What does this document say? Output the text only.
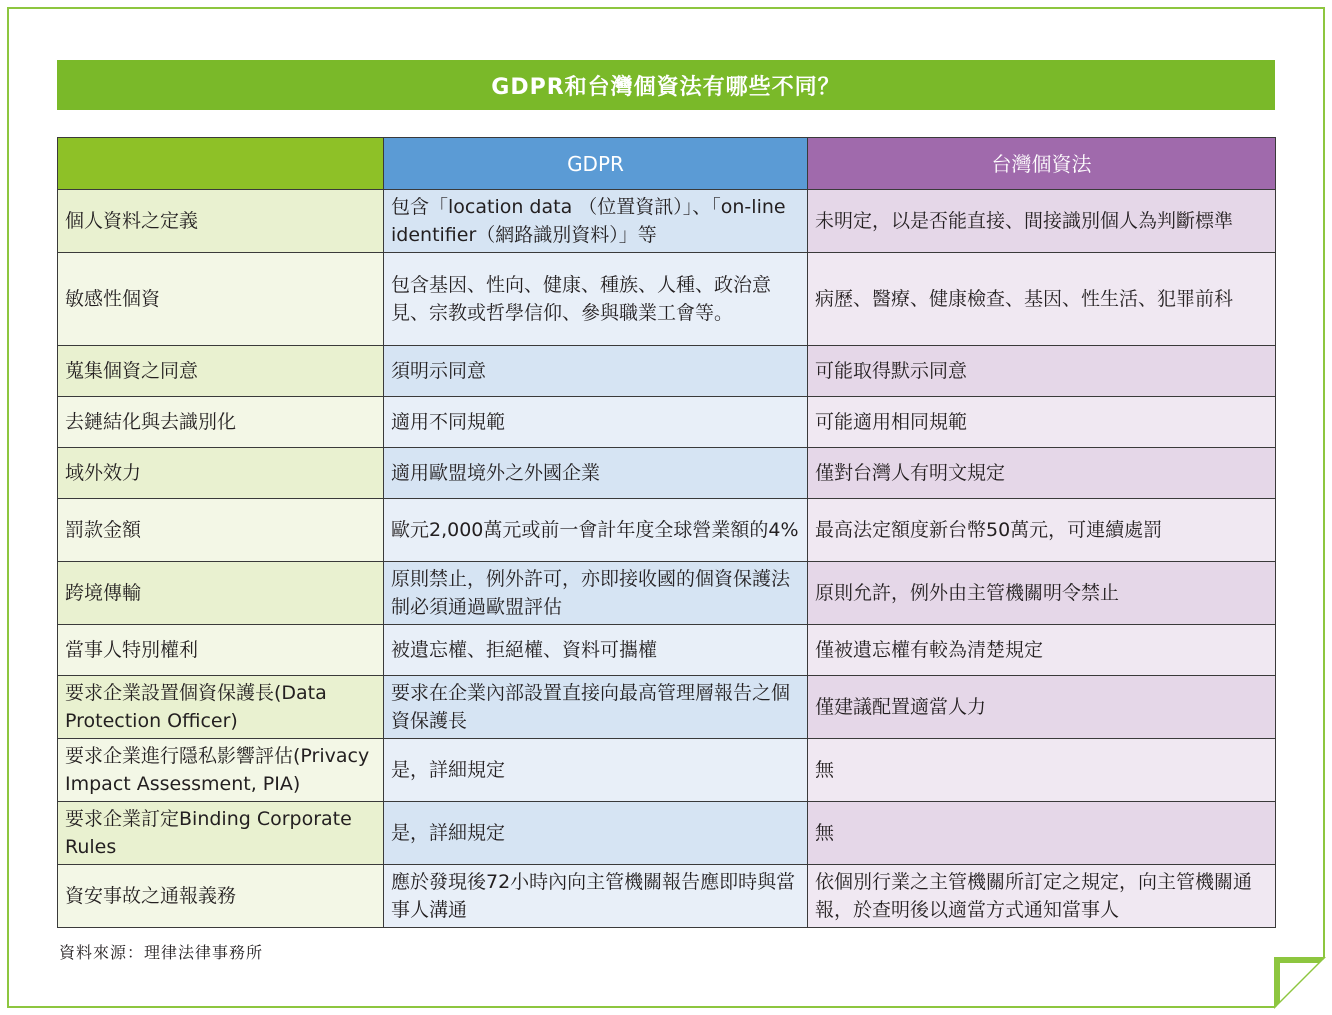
GDPR和台灣個資法有哪些不同？
	GDPR	台灣個資法
個人資料之定義	包含「location data （位置資訊）」、「on-line identifier（網路識別資料）」等	未明定，以是否能直接、間接識別個人為判斷標準
敏感性個資	包含基因、性向、健康、種族、人種、政治意見、宗教或哲學信仰、參與職業工會等。	病歷、醫療、健康檢查、基因、性生活、犯罪前科
蒐集個資之同意	須明示同意	可能取得默示同意
去鏈結化與去識別化	適用不同規範	可能適用相同規範
域外效力	適用歐盟境外之外國企業	僅對台灣人有明文規定
罰款金額	歐元2,000萬元或前一會計年度全球營業額的4%	最高法定額度新台幣50萬元，可連續處罰
跨境傳輸	原則禁止，例外許可，亦即接收國的個資保護法制必須通過歐盟評估	原則允許，例外由主管機關明令禁止
當事人特別權利	被遺忘權、拒絕權、資料可攜權	僅被遺忘權有較為清楚規定
要求企業設置個資保護長(Data Protection Officer)	要求在企業內部設置直接向最高管理層報告之個資保護長	僅建議配置適當人力
要求企業進行隱私影響評估(Privacy Impact Assessment, PIA)	是，詳細規定	無
要求企業訂定Binding Corporate Rules	是，詳細規定	無
資安事故之通報義務	應於發現後72小時內向主管機關報告應即時與當事人溝通	依個別行業之主管機關所訂定之規定，向主管機關通報，於查明後以適當方式通知當事人
資料來源：理律法律事務所
